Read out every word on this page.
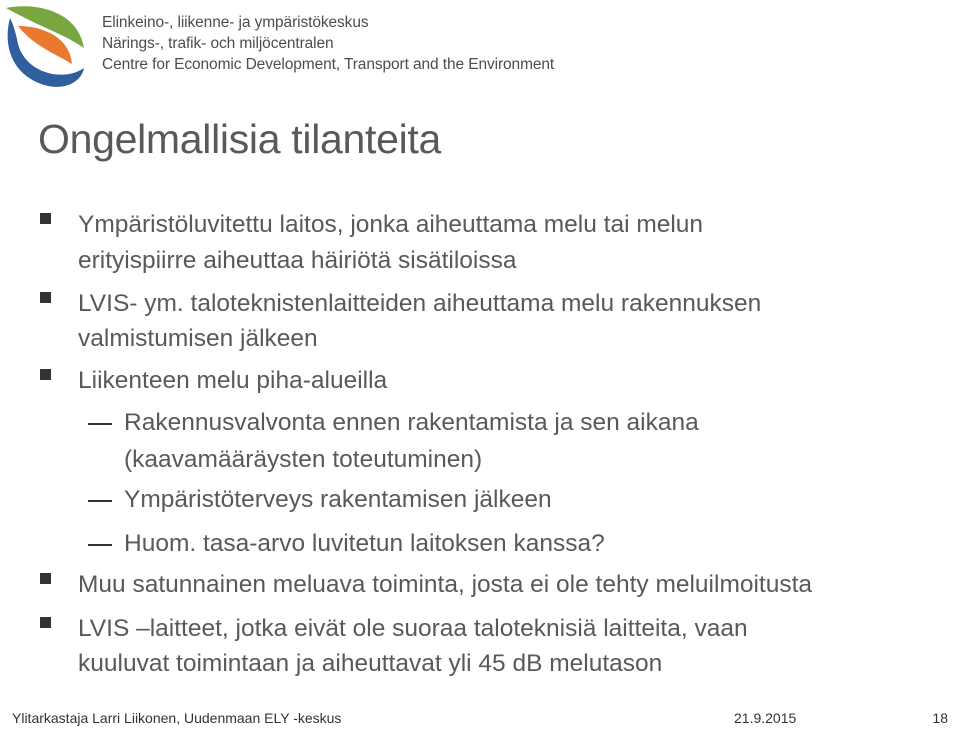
Elinkeino-, liikenne- ja ympäristökeskus
Närings-, trafik- och miljöcentralen
Centre for Economic Development, Transport and the Environment
Ongelmallisia tilanteita
Ympäristöluvitettu laitos, jonka aiheuttama melu tai melun
erityispiirre aiheuttaa häiriötä sisätiloissa
LVIS- ym. taloteknistenlaitteiden aiheuttama melu rakennuksen
valmistumisen jälkeen
Liikenteen melu piha-alueilla
Rakennusvalvonta ennen rakentamista ja sen aikana
(kaavamääräysten toteutuminen)
Ympäristöterveys rakentamisen jälkeen
Huom. tasa-arvo luvitetun laitoksen kanssa?
Muu satunnainen meluava toiminta, josta ei ole tehty meluilmoitusta
LVIS –laitteet, jotka eivät ole suoraa taloteknisiä laitteita, vaan
kuuluvat toimintaan ja aiheuttavat yli 45 dB melutason
Ylitarkastaja Larri Liikonen, Uudenmaan ELY -keskus	21.9.2015	18
